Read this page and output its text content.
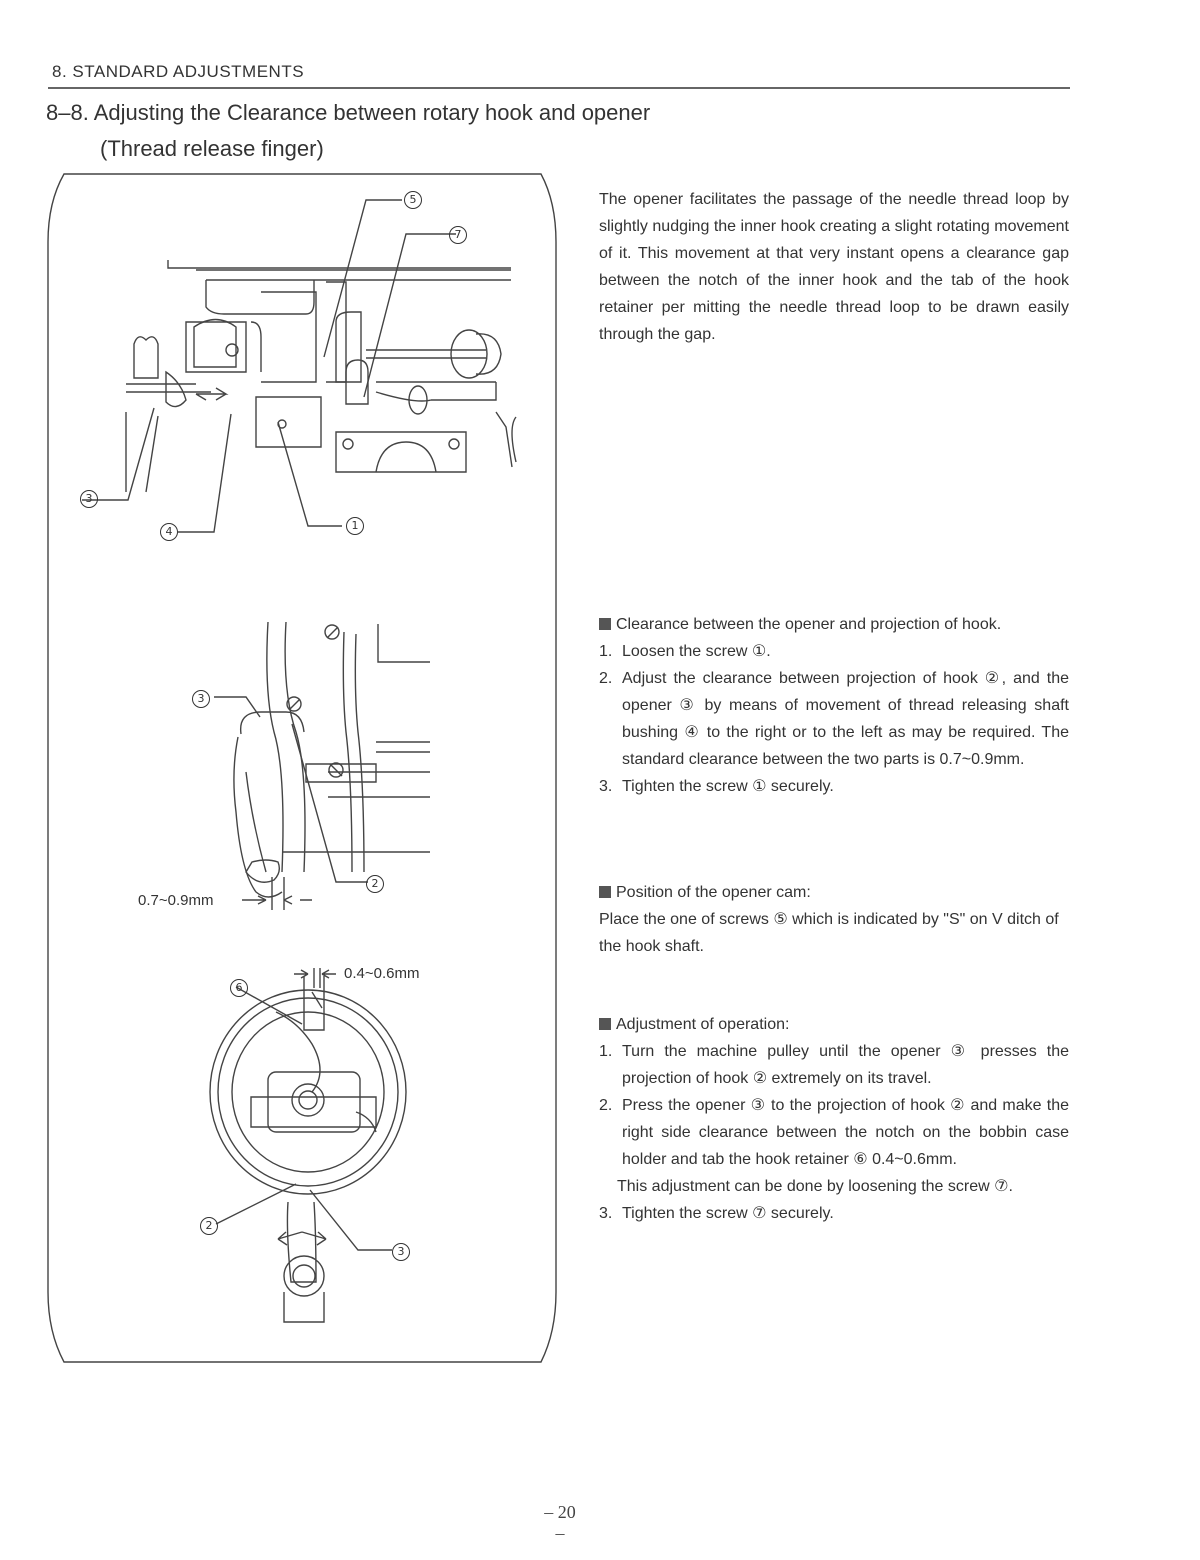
8. STANDARD ADJUSTMENTS
8–8. Adjusting the Clearance between rotary hook and opener
(Thread release finger)
5
7
3
4	1
3
2
6
2
3
0.7~0.9mm
0.4~0.6mm
The opener facilitates the passage of the needle thread loop by slightly nudging the inner hook creating a slight rotating movement of it. This movement at that very instant opens a clearance gap between the notch of the inner hook and the tab of the hook retainer per mitting the needle thread loop to be drawn easily through the gap.
Clearance between the opener and projection of hook.
1. Loosen the screw ①.
2. Adjust the clearance between projection of hook ②, and the opener ③ by means of movement of thread releasing shaft bushing ④ to the right or to the left as may be required. The standard clearance between the two parts is 0.7~0.9mm.
3. Tighten the screw ① securely.
Position of the opener cam:
Place the one of screws ⑤ which is indicated by "S" on V ditch of the hook shaft.
Adjustment of operation:
1. Turn the machine pulley until the opener ③ presses the projection of hook ② extremely on its travel.
2. Press the opener ③ to the projection of hook ② and make the right side clearance between the notch on the bobbin case holder and tab the hook retainer ⑥ 0.4~0.6mm.
This adjustment can be done by loosening the screw ⑦.
3. Tighten the screw ⑦ securely.
– 20 –
